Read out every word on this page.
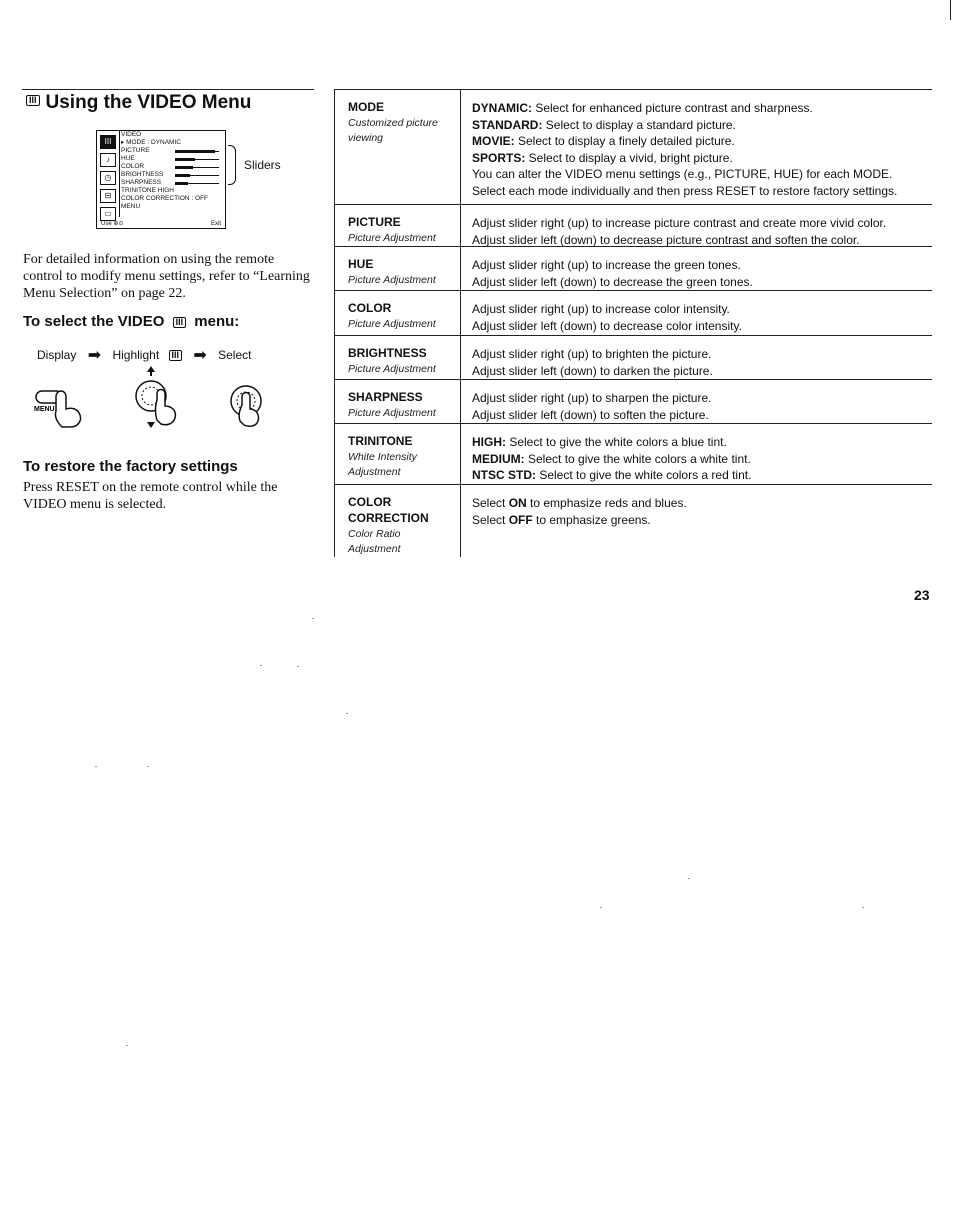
III Using the VIDEO Menu
III
♪
◷
⊟
▭
VIDEO
▸ MODE : DYNAMIC
PICTURE
HUE
COLOR
BRIGHTNESS
SHARPNESS
TRINITONE HIGH
COLOR CORRECTION : OFF
MENU
Use ⊕⊙	Exit
Sliders
For detailed information on using the remote control to modify menu settings, refer to “Learning Menu Selection” on page 22.
To select the VIDEO III menu:
Display ➡ Highlight III ➡ Select
MENU
To restore the factory settings
Press RESET on the remote control while the VIDEO menu is selected.
MODE
Customized picture viewing
DYNAMIC: Select for enhanced picture contrast and sharpness.
STANDARD: Select to display a standard picture.
MOVIE: Select to display a finely detailed picture.
SPORTS: Select to display a vivid, bright picture.
You can alter the VIDEO menu settings (e.g., PICTURE, HUE) for each MODE.
Select each mode individually and then press RESET to restore factory settings.
PICTURE
Picture Adjustment
Adjust slider right (up) to increase picture contrast and create more vivid color.
Adjust slider left (down) to decrease picture contrast and soften the color.
HUE
Picture Adjustment
Adjust slider right (up) to increase the green tones.
Adjust slider left (down) to decrease the green tones.
COLOR
Picture Adjustment
Adjust slider right (up) to increase color intensity.
Adjust slider left (down) to decrease color intensity.
BRIGHTNESS
Picture Adjustment
Adjust slider right (up) to brighten the picture.
Adjust slider left (down) to darken the picture.
SHARPNESS
Picture Adjustment
Adjust slider right (up) to sharpen the picture.
Adjust slider left (down) to soften the picture.
TRINITONE
White Intensity Adjustment
HIGH: Select to give the white colors a blue tint.
MEDIUM: Select to give the white colors a white tint.
NTSC STD: Select to give the white colors a red tint.
COLOR CORRECTION
Color Ratio Adjustment
Select ON to emphasize reds and blues.
Select OFF to emphasize greens.
23
